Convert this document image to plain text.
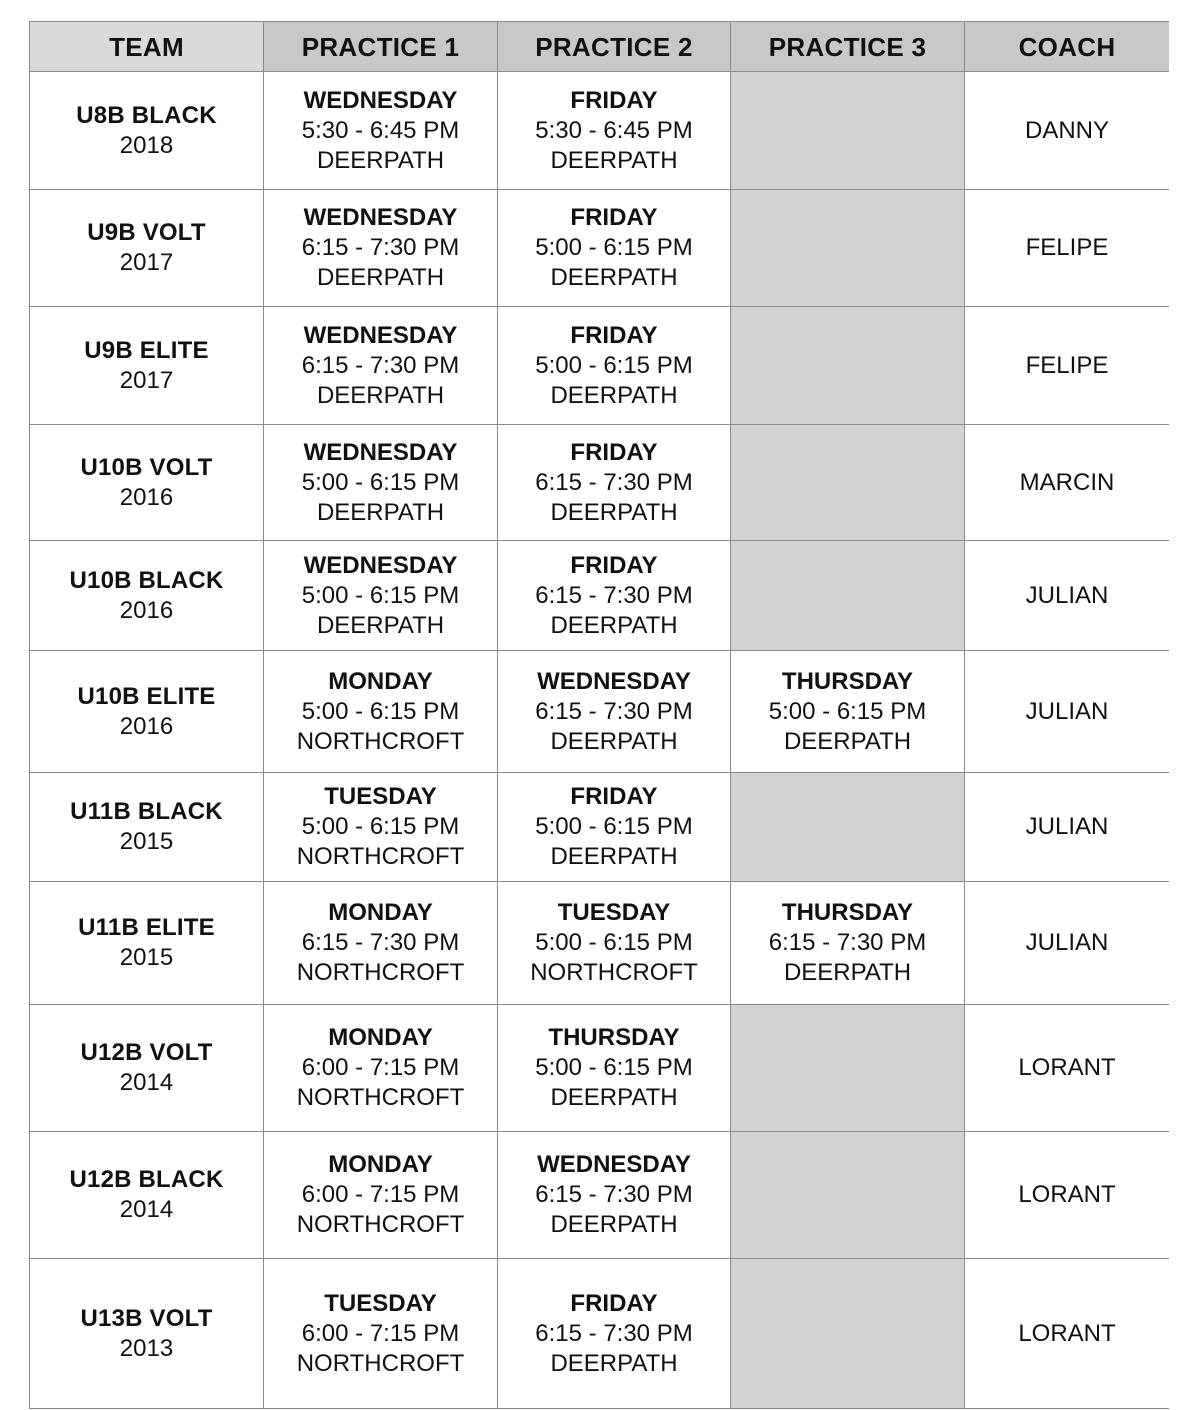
TEAM	PRACTICE 1	PRACTICE 2	PRACTICE 3	COACH

U8B BLACK
2018	WEDNESDAY
5:30 - 6:45 PM
DEERPATH	FRIDAY
5:30 - 6:45 PM
DEERPATH		DANNY

U9B VOLT
2017	WEDNESDAY
6:15 - 7:30 PM
DEERPATH	FRIDAY
5:00 - 6:15 PM
DEERPATH		FELIPE

U9B ELITE
2017	WEDNESDAY
6:15 - 7:30 PM
DEERPATH	FRIDAY
5:00 - 6:15 PM
DEERPATH		FELIPE

U10B VOLT
2016	WEDNESDAY
5:00 - 6:15 PM
DEERPATH	FRIDAY
6:15 - 7:30 PM
DEERPATH		MARCIN

U10B BLACK
2016	WEDNESDAY
5:00 - 6:15 PM
DEERPATH	FRIDAY
6:15 - 7:30 PM
DEERPATH		JULIAN

U10B ELITE
2016	MONDAY
5:00 - 6:15 PM
NORTHCROFT	WEDNESDAY
6:15 - 7:30 PM
DEERPATH	THURSDAY
5:00 - 6:15 PM
DEERPATH	JULIAN

U11B BLACK
2015	TUESDAY
5:00 - 6:15 PM
NORTHCROFT	FRIDAY
5:00 - 6:15 PM
DEERPATH		JULIAN

U11B ELITE
2015	MONDAY
6:15 - 7:30 PM
NORTHCROFT	TUESDAY
5:00 - 6:15 PM
NORTHCROFT	THURSDAY
6:15 - 7:30 PM
DEERPATH	JULIAN

U12B VOLT
2014	MONDAY
6:00 - 7:15 PM
NORTHCROFT	THURSDAY
5:00 - 6:15 PM
DEERPATH		LORANT

U12B BLACK
2014	MONDAY
6:00 - 7:15 PM
NORTHCROFT	WEDNESDAY
6:15 - 7:30 PM
DEERPATH		LORANT

U13B VOLT
2013	TUESDAY
6:00 - 7:15 PM
NORTHCROFT	FRIDAY
6:15 - 7:30 PM
DEERPATH		LORANT
